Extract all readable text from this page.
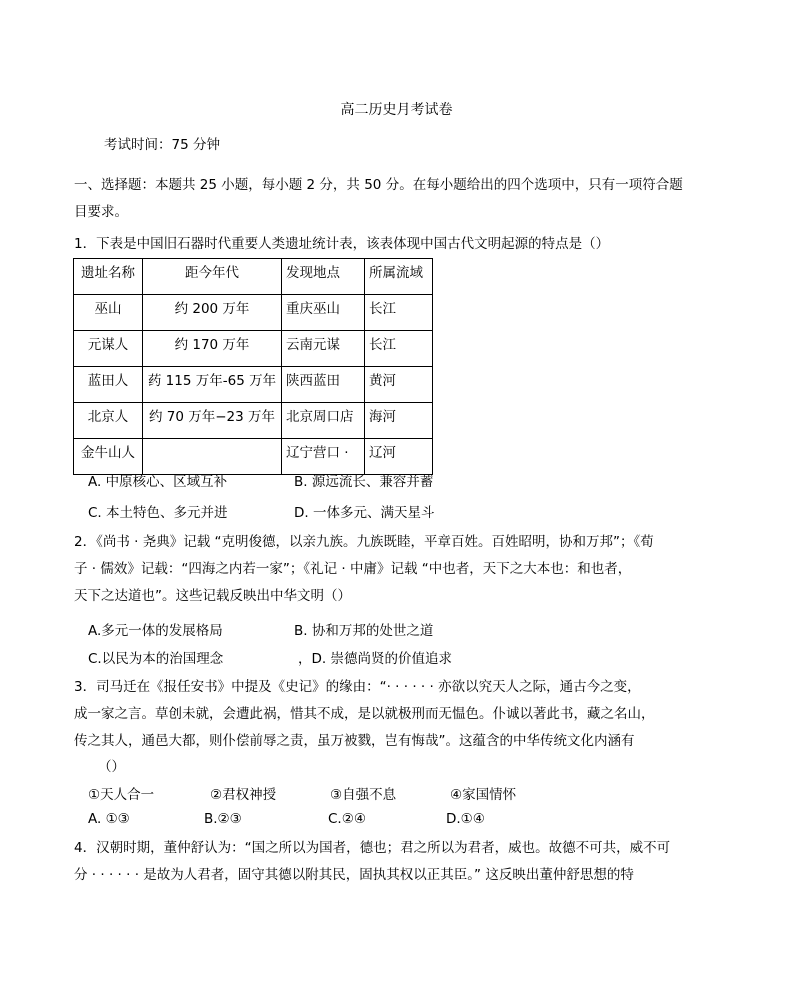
高二历史月考试卷
考试时间：75 分钟
一、选择题：本题共 25 小题，每小题 2 分，共 50 分。在每小题给出的四个选项中，只有一项符合题
目要求。
1．下表是中国旧石器时代重要人类遗址统计表，该表体现中国古代文明起源的特点是（）
遗址名称	距今年代	发现地点	所属流域
巫山	约 200 万年	重庆巫山	长江
元谋人	约 170 万年	云南元谋	长江
蓝田人	药 115 万年-65 万年	陕西蓝田	黄河
北京人	约 70 万年−23 万年	北京周口店	海河
金牛山人		辽宁营口 ·	辽河
A. 中原核心、区域互补	B. 源远流长、兼容并蓄
C. 本土特色、多元并进	D. 一体多元、满天星斗
2．《尚书 · 尧典》记载 “克明俊德，以亲九族。九族既睦，平章百姓。百姓昭明，协和万邦”；《荀
子 · 儒效》记载：“四海之内若一家”；《礼记 · 中庸》记载 “中也者，天下之大本也：和也者，
天下之达道也”。这些记载反映出中华文明（）
A.多元一体的发展格局	B. 协和万邦的处世之道
C.以民为本的治国理念	，D. 崇德尚贤的价值追求
3．司马迁在《报任安书》中提及《史记》的缘由：“· · · · · · 亦欲以究天人之际，通古今之变，
成一家之言。草创未就，会遭此祸，惜其不成，是以就极刑而无愠色。仆诚以著此书，藏之名山，
传之其人，通邑大都，则仆偿前辱之责，虽万被戮，岂有悔哉”。这蕴含的中华传统文化内涵有
（）
①天人合一	②君权神授	③自强不息	④家国情怀
A. ①③	B.②③	C.②④	D.①④
4．汉朝时期，董仲舒认为：“国之所以为国者，德也；君之所以为君者，威也。故德不可共，威不可
分 · · · · · · 是故为人君者，固守其德以附其民，固执其权以正其臣。” 这反映出董仲舒思想的特
